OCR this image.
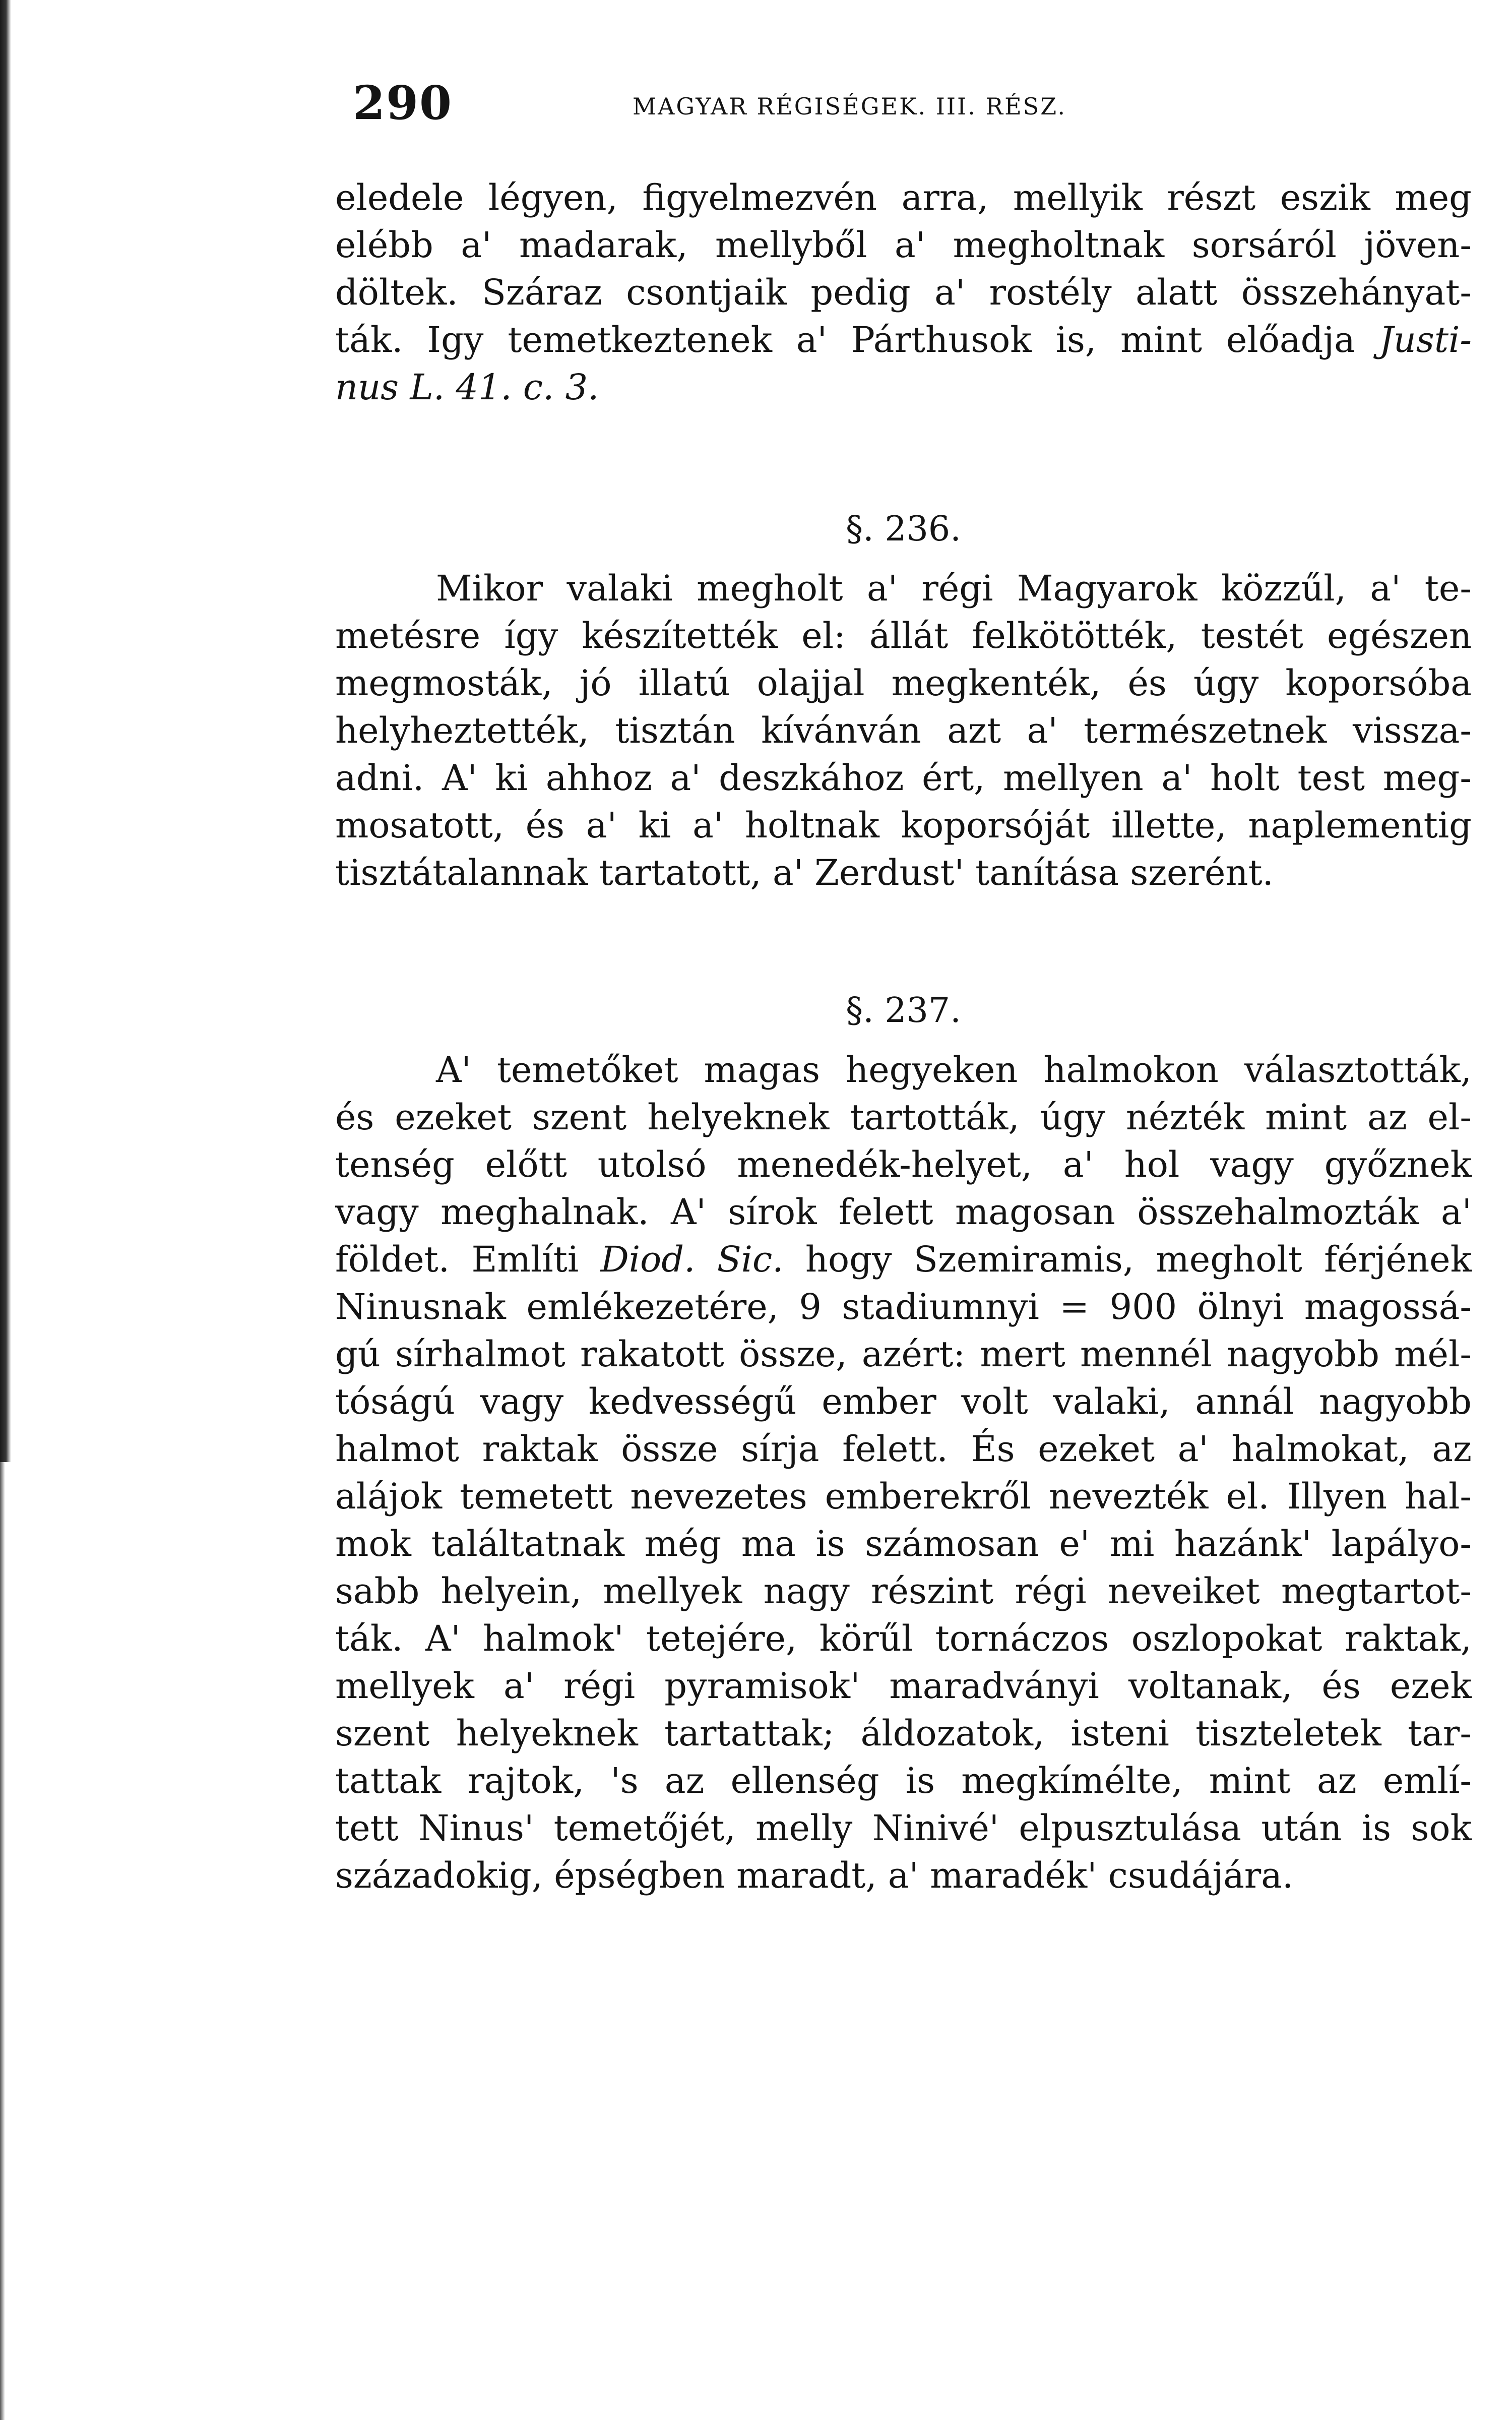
290	MAGYAR RÉGISÉGEK. III. RÉSZ.
eledele légyen, figyelmezvén arra, mellyik részt eszik meg
elébb a' madarak, mellyből a' megholtnak sorsáról jöven-
döltek. Száraz csontjaik pedig a' rostély alatt összehányat-
ták. Igy temetkeztenek a' Párthusok is, mint előadja Justi-
nus L. 41. c. 3.
§. 236.
Mikor valaki megholt a' régi Magyarok közzűl, a' te-
metésre így készítették el: állát felkötötték, testét egészen
megmosták, jó illatú olajjal megkenték, és úgy koporsóba
helyheztették, tisztán kívánván azt a' természetnek vissza-
adni. A' ki ahhoz a' deszkához ért, mellyen a' holt test meg-
mosatott, és a' ki a' holtnak koporsóját illette, naplementig
tisztátalannak tartatott, a' Zerdust' tanítása szerént.
§. 237.
A' temetőket magas hegyeken halmokon választották,
és ezeket szent helyeknek tartották, úgy nézték mint az el-
tenség előtt utolsó menedék-helyet, a' hol vagy győznek
vagy meghalnak. A' sírok felett magosan összehalmozták a'
földet. Említi Diod. Sic. hogy Szemiramis, megholt férjének
Ninusnak emlékezetére, 9 stadiumnyi = 900 ölnyi magossá-
gú sírhalmot rakatott össze, azért: mert mennél nagyobb mél-
tóságú vagy kedvességű ember volt valaki, annál nagyobb
halmot raktak össze sírja felett. És ezeket a' halmokat, az
alájok temetett nevezetes emberekről nevezték el. Illyen hal-
mok találtatnak még ma is számosan e' mi hazánk' lapályo-
sabb helyein, mellyek nagy részint régi neveiket megtartot-
ták. A' halmok' tetejére, körűl tornáczos oszlopokat raktak,
mellyek a' régi pyramisok' maradványi voltanak, és ezek
szent helyeknek tartattak; áldozatok, isteni tiszteletek tar-
tattak rajtok, 's az ellenség is megkímélte, mint az emlí-
tett Ninus' temetőjét, melly Ninivé' elpusztulása után is sok
századokig, épségben maradt, a' maradék' csudájára.
